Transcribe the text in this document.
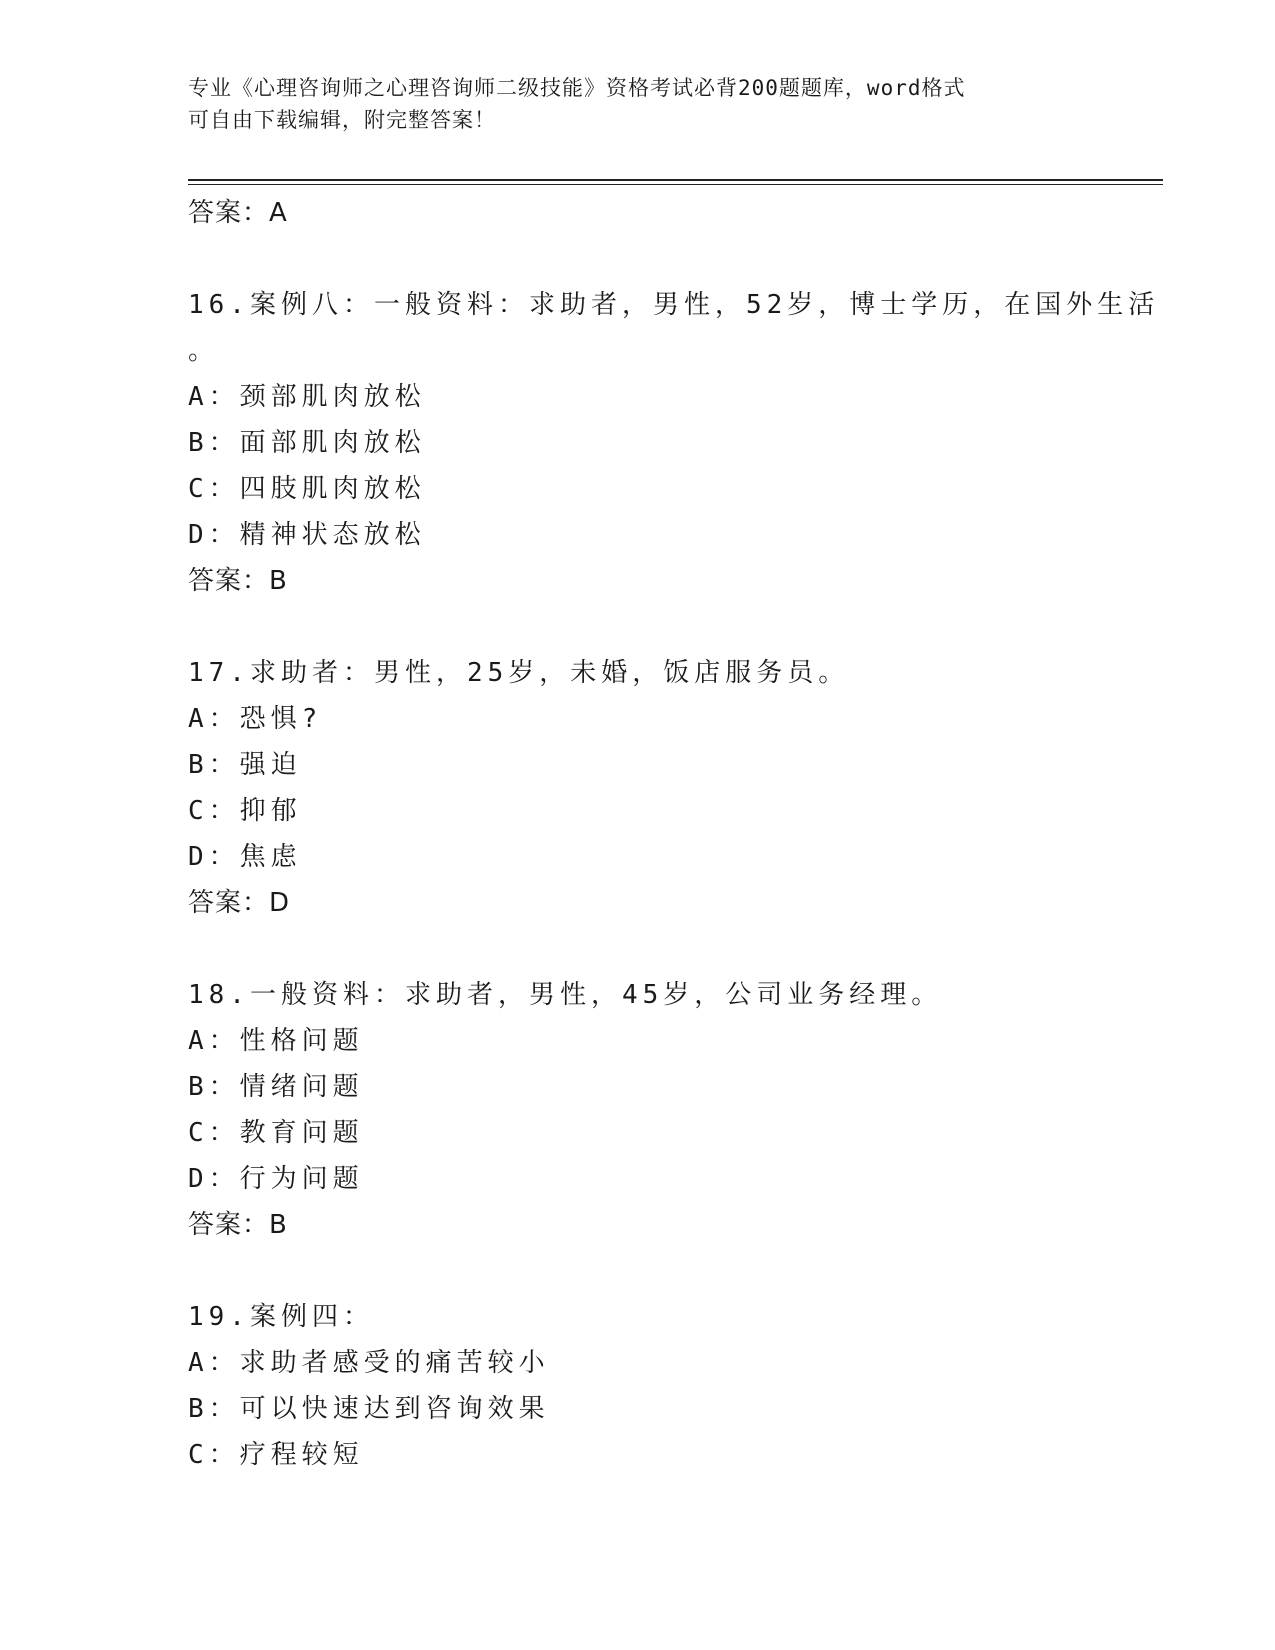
专业《心理咨询师之心理咨询师二级技能》资格考试必背200题题库，word格式
可自由下载编辑，附完整答案！
答案：A
16.案例八：一般资料：求助者，男性，52岁，博士学历，在国外生活
。
A：颈部肌肉放松
B：面部肌肉放松
C：四肢肌肉放松
D：精神状态放松
答案：B
17.求助者：男性，25岁，未婚，饭店服务员。
A：恐惧?
B：强迫
C：抑郁
D：焦虑
答案：D
18.一般资料：求助者，男性，45岁，公司业务经理。
A：性格问题
B：情绪问题
C：教育问题
D：行为问题
答案：B
19.案例四：
A：求助者感受的痛苦较小
B：可以快速达到咨询效果
C：疗程较短
